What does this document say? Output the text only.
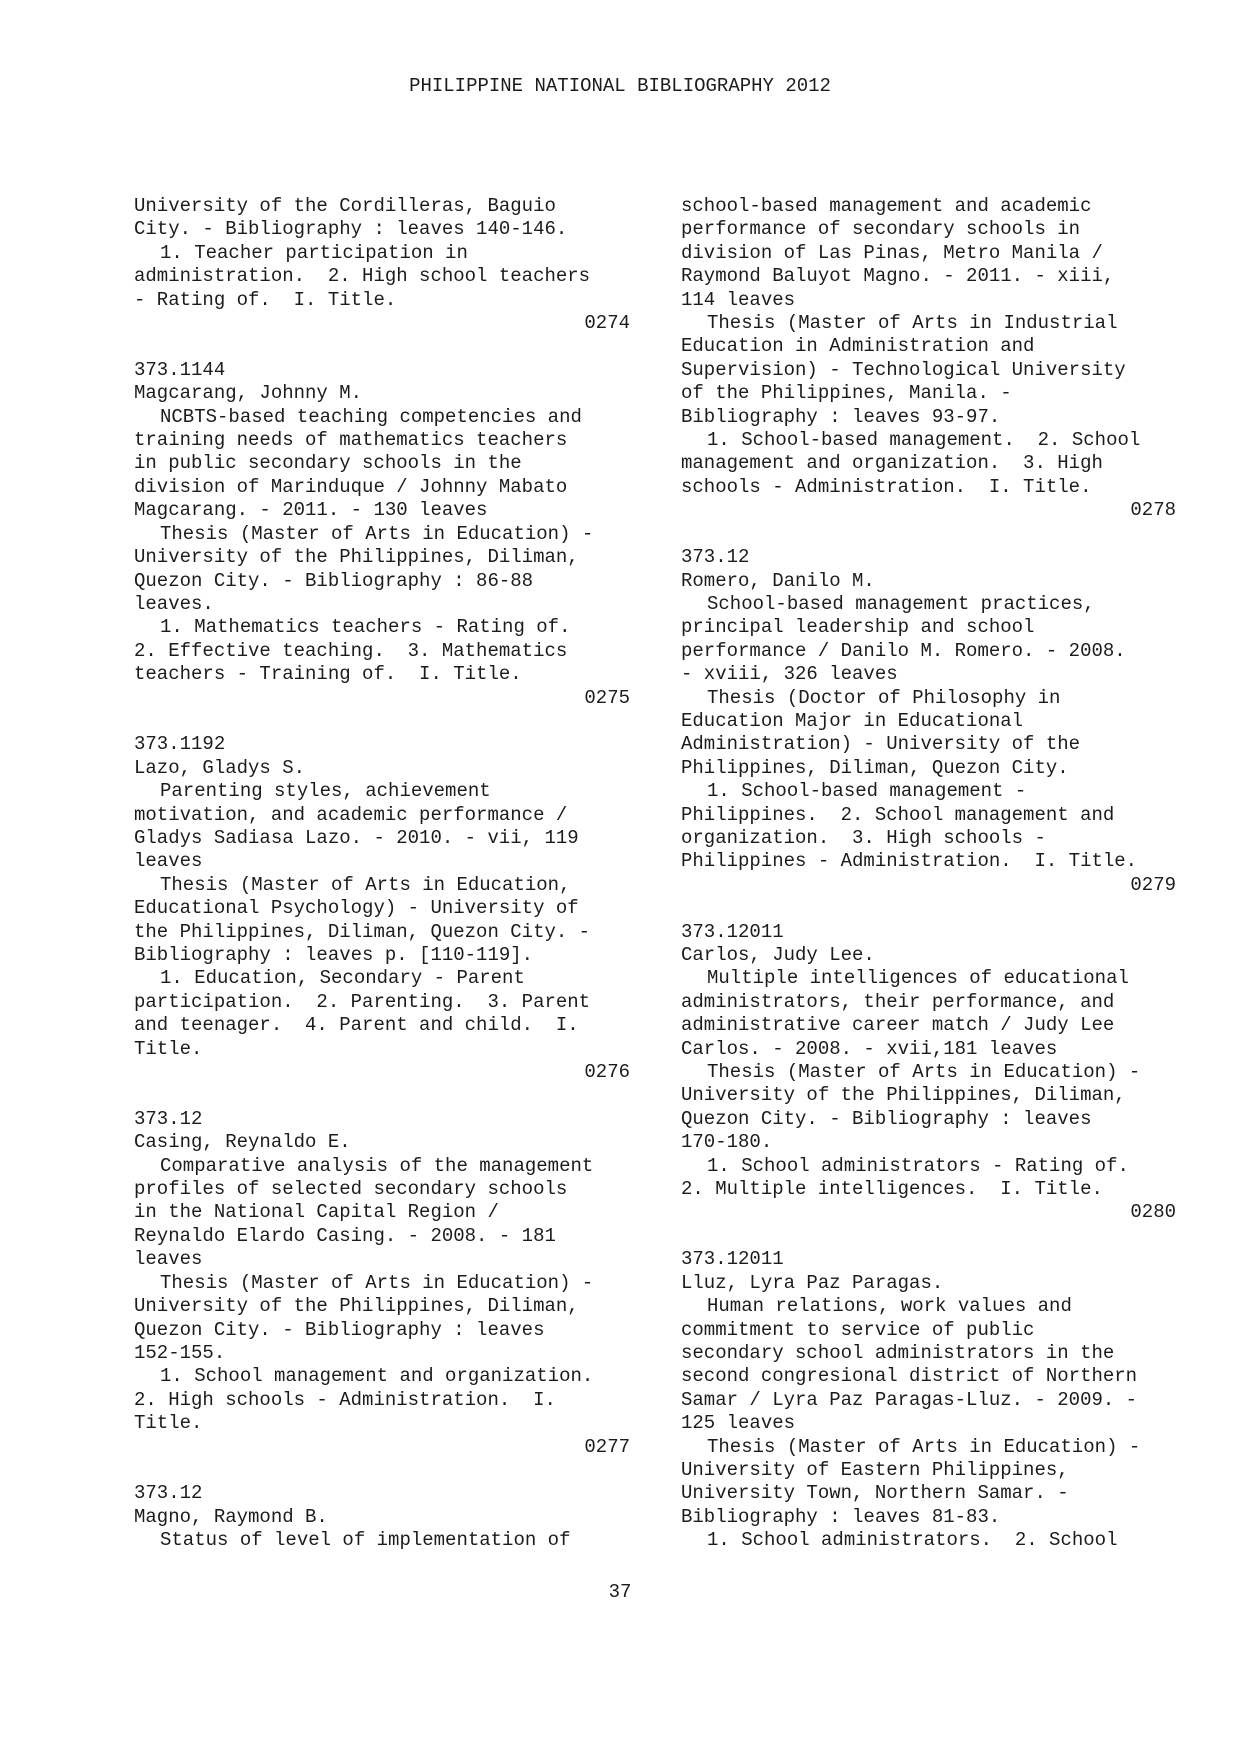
PHILIPPINE NATIONAL BIBLIOGRAPHY 2012
University of the Cordilleras, Baguio
City. - Bibliography : leaves 140-146.
1. Teacher participation in
administration.  2. High school teachers
- Rating of.  I. Title.
0274
373.1144
Magcarang, Johnny M.
NCBTS-based teaching competencies and
training needs of mathematics teachers
in public secondary schools in the
division of Marinduque / Johnny Mabato
Magcarang. - 2011. - 130 leaves
Thesis (Master of Arts in Education) -
University of the Philippines, Diliman,
Quezon City. - Bibliography : 86-88
leaves.
1. Mathematics teachers - Rating of.
2. Effective teaching.  3. Mathematics
teachers - Training of.  I. Title.
0275
373.1192
Lazo, Gladys S.
Parenting styles, achievement
motivation, and academic performance /
Gladys Sadiasa Lazo. - 2010. - vii, 119
leaves
Thesis (Master of Arts in Education,
Educational Psychology) - University of
the Philippines, Diliman, Quezon City. -
Bibliography : leaves p. [110-119].
1. Education, Secondary - Parent
participation.  2. Parenting.  3. Parent
and teenager.  4. Parent and child.  I.
Title.
0276
373.12
Casing, Reynaldo E.
Comparative analysis of the management
profiles of selected secondary schools
in the National Capital Region /
Reynaldo Elardo Casing. - 2008. - 181
leaves
Thesis (Master of Arts in Education) -
University of the Philippines, Diliman,
Quezon City. - Bibliography : leaves
152-155.
1. School management and organization.
2. High schools - Administration.  I.
Title.
0277
373.12
Magno, Raymond B.
Status of level of implementation of
school-based management and academic
performance of secondary schools in
division of Las Pinas, Metro Manila /
Raymond Baluyot Magno. - 2011. - xiii,
114 leaves
Thesis (Master of Arts in Industrial
Education in Administration and
Supervision) - Technological University
of the Philippines, Manila. -
Bibliography : leaves 93-97.
1. School-based management.  2. School
management and organization.  3. High
schools - Administration.  I. Title.
0278
373.12
Romero, Danilo M.
School-based management practices,
principal leadership and school
performance / Danilo M. Romero. - 2008.
- xviii, 326 leaves
Thesis (Doctor of Philosophy in
Education Major in Educational
Administration) - University of the
Philippines, Diliman, Quezon City.
1. School-based management -
Philippines.  2. School management and
organization.  3. High schools -
Philippines - Administration.  I. Title.
0279
373.12011
Carlos, Judy Lee.
Multiple intelligences of educational
administrators, their performance, and
administrative career match / Judy Lee
Carlos. - 2008. - xvii,181 leaves
Thesis (Master of Arts in Education) -
University of the Philippines, Diliman,
Quezon City. - Bibliography : leaves
170-180.
1. School administrators - Rating of.
2. Multiple intelligences.  I. Title.
0280
373.12011
Lluz, Lyra Paz Paragas.
Human relations, work values and
commitment to service of public
secondary school administrators in the
second congresional district of Northern
Samar / Lyra Paz Paragas-Lluz. - 2009. -
125 leaves
Thesis (Master of Arts in Education) -
University of Eastern Philippines,
University Town, Northern Samar. -
Bibliography : leaves 81-83.
1. School administrators.  2. School
37
